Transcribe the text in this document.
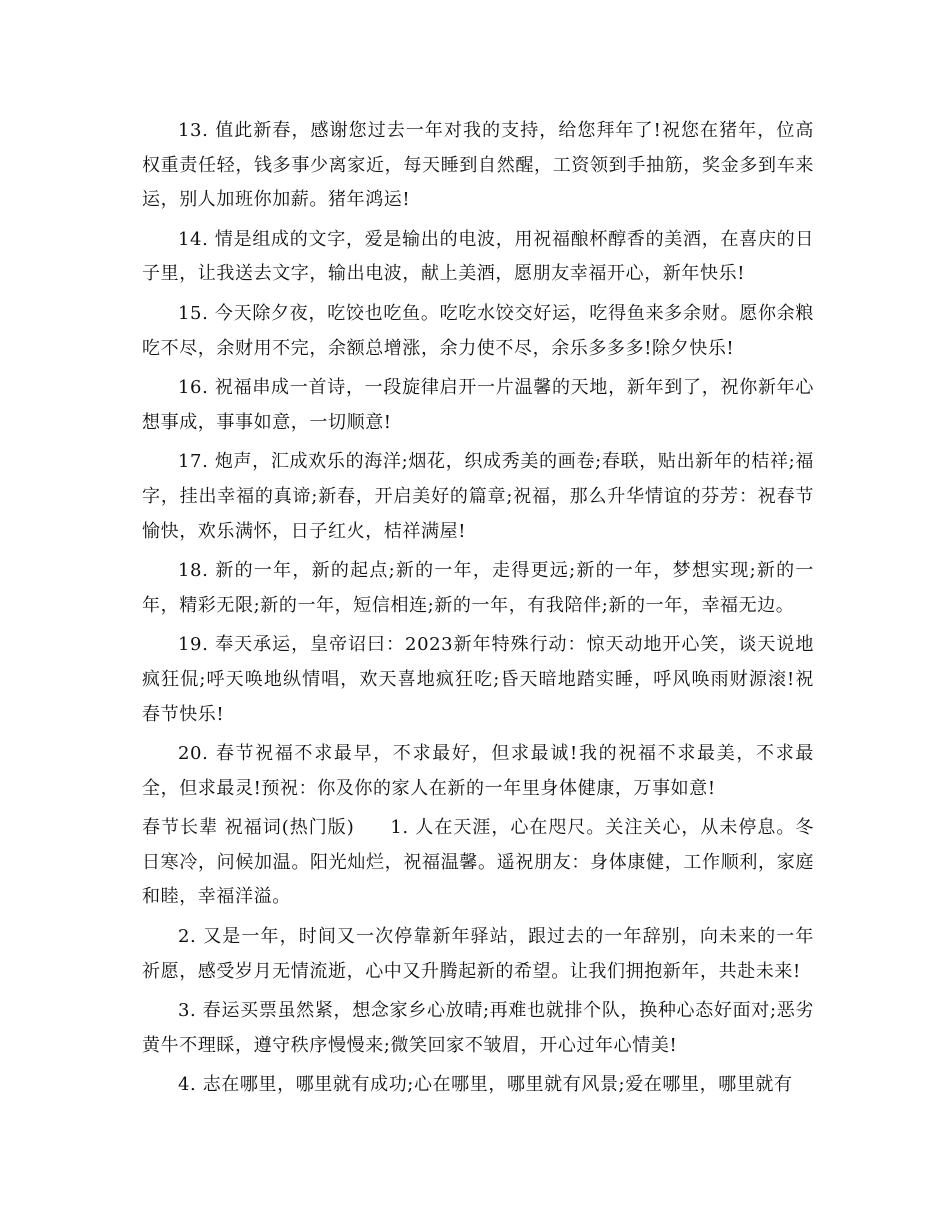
13. 值此新春，感谢您过去一年对我的支持，给您拜年了!祝您在猪年，位高权重责任轻，钱多事少离家近，每天睡到自然醒，工资领到手抽筋，奖金多到车来运，别人加班你加薪。猪年鸿运!

14. 情是组成的文字，爱是输出的电波，用祝福酿杯醇香的美酒，在喜庆的日子里，让我送去文字，输出电波，献上美酒，愿朋友幸福开心，新年快乐!

15. 今天除夕夜，吃饺也吃鱼。吃吃水饺交好运，吃得鱼来多余财。愿你余粮吃不尽，余财用不完，余额总增涨，余力使不尽，余乐多多多!除夕快乐!

16. 祝福串成一首诗，一段旋律启开一片温馨的天地，新年到了，祝你新年心想事成，事事如意，一切顺意!

17. 炮声，汇成欢乐的海洋;烟花，织成秀美的画卷;春联，贴出新年的桔祥;福字，挂出幸福的真谛;新春，开启美好的篇章;祝福，那么升华情谊的芬芳：祝春节愉快，欢乐满怀，日子红火，桔祥满屋!

18. 新的一年，新的起点;新的一年，走得更远;新的一年，梦想实现;新的一年，精彩无限;新的一年，短信相连;新的一年，有我陪伴;新的一年，幸福无边。

19. 奉天承运，皇帝诏曰：2023新年特殊行动：惊天动地开心笑，谈天说地疯狂侃;呼天唤地纵情唱，欢天喜地疯狂吃;昏天暗地踏实睡，呼风唤雨财源滚!祝春节快乐!

20. 春节祝福不求最早，不求最好，但求最诚!我的祝福不求最美，不求最全，但求最灵!预祝：你及你的家人在新的一年里身体健康，万事如意!

春节长辈 祝福词(热门版) 1. 人在天涯，心在咫尺。关注关心，从未停息。冬日寒冷，问候加温。阳光灿烂，祝福温馨。遥祝朋友：身体康健，工作顺利，家庭和睦，幸福洋溢。

2. 又是一年，时间又一次停靠新年驿站，跟过去的一年辞别，向未来的一年祈愿，感受岁月无情流逝，心中又升腾起新的希望。让我们拥抱新年，共赴未来!

3. 春运买票虽然紧，想念家乡心放晴;再难也就排个队，换种心态好面对;恶劣黄牛不理睬，遵守秩序慢慢来;微笑回家不皱眉，开心过年心情美!

4. 志在哪里，哪里就有成功;心在哪里，哪里就有风景;爱在哪里，哪里就有
